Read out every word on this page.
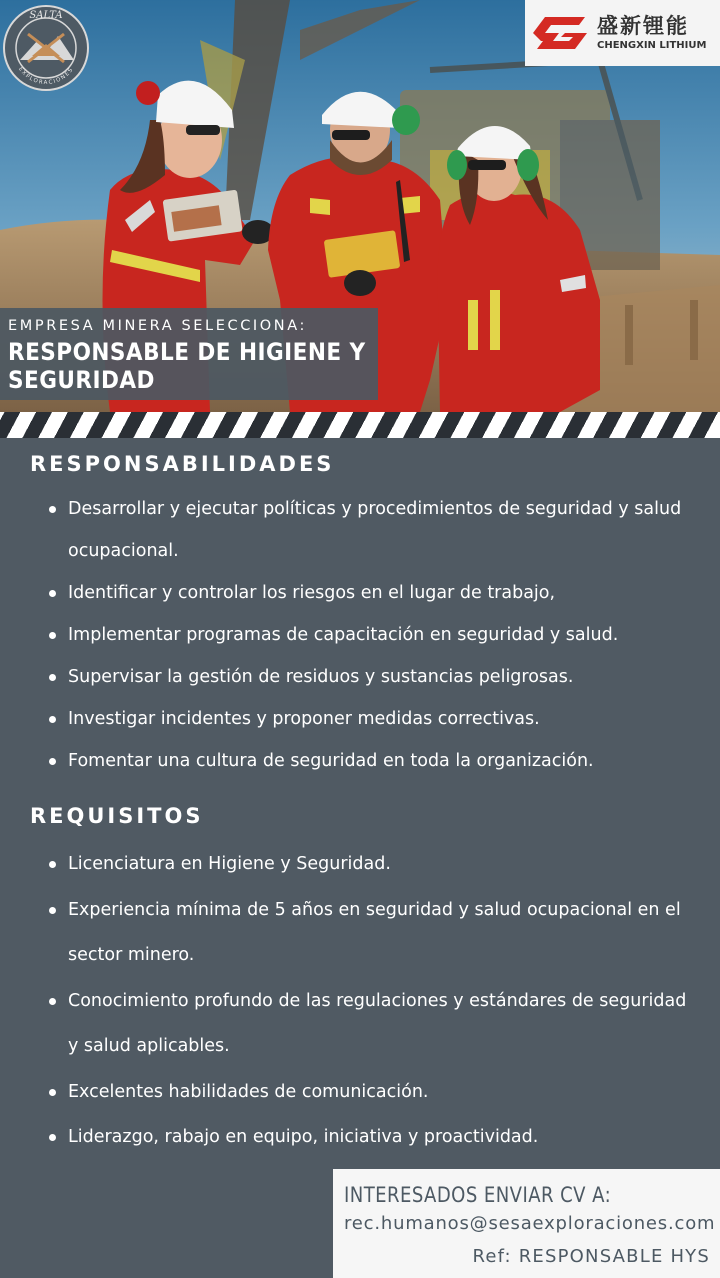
SALTA
EXPLORACIONES
盛新锂能
CHENGXIN LITHIUM
EMPRESA MINERA SELECCIONA:
RESPONSABLE DE HIGIENE Y
SEGURIDAD
RESPONSABILIDADES
Desarrollar y ejecutar políticas y procedimientos de seguridad y salud ocupacional.
Identificar y controlar los riesgos en el lugar de trabajo,
Implementar programas de capacitación en seguridad y salud.
Supervisar la gestión de residuos y sustancias peligrosas.
Investigar incidentes y proponer medidas correctivas.
Fomentar una cultura de seguridad en toda la organización.
REQUISITOS
Licenciatura en Higiene y Seguridad.
Experiencia mínima de 5 años en seguridad y salud ocupacional en el sector minero.
Conocimiento profundo de las regulaciones y estándares de seguridad y salud aplicables.
Excelentes habilidades de comunicación.
Liderazgo, rabajo en equipo, iniciativa y proactividad.
INTERESADOS ENVIAR CV A:
rec.humanos@sesaexploraciones.com
Ref: RESPONSABLE HYS
